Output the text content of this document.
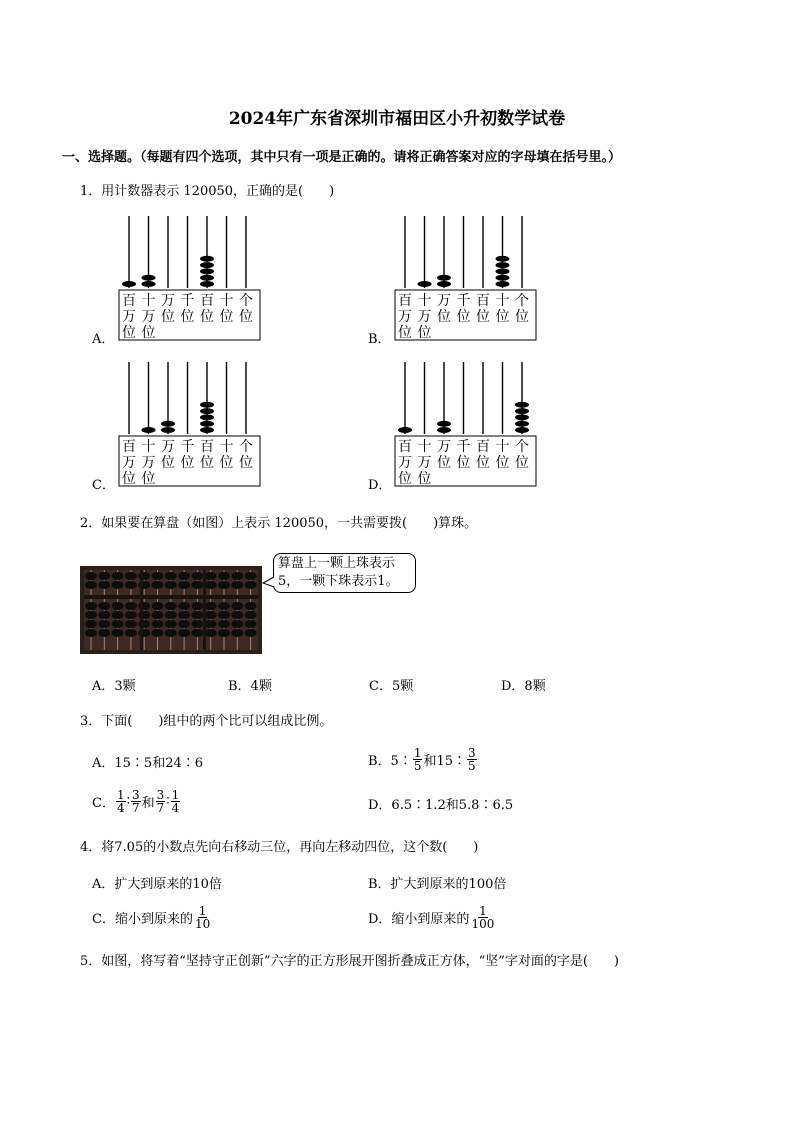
2024年广东省深圳市福田区小升初数学试卷
一、选择题。（每题有四个选项，其中只有一项是正确的。请将正确答案对应的字母填在括号里。）
1．用计数器表示 120050，正确的是(　　)
百
万
位
十
万
位
万
位
千
位
百
位
十
位
个
位
A．
百
万
位
十
万
位
万
位
千
位
百
位
十
位
个
位
B．
百
万
位
十
万
位
万
位
千
位
百
位
十
位
个
位
C．
百
万
位
十
万
位
万
位
千
位
百
位
十
位
个
位
D．
2．如果要在算盘（如图）上表示 120050，一共需要拨(　　)算珠。
算盘上一颗上珠表示5，一颗下珠表示1。
A．3颗	B．4颗	C．5颗	D．8颗
3．下面(　　)组中的两个比可以组成比例。
A．15∶5和24∶6	B．5∶ $\frac{1}{5}$ 和15∶ $\frac{3}{5}$
C． $\frac{1}{4}$ ∶ $\frac{3}{7}$ 和 $\frac{3}{7}$ ∶ $\frac{1}{4}$	D．6.5∶1.2和5.8∶6.5
4．将7.05的小数点先向右移动三位，再向左移动四位，这个数(　　)
A．扩大到原来的10倍	B．扩大到原来的100倍
C．缩小到原来的 $\frac{1}{10}$	D．缩小到原来的 $\frac{1}{100}$
5．如图，将写着“坚持守正创新”六字的正方形展开图折叠成正方体，“坚”字对面的字是(　　)
